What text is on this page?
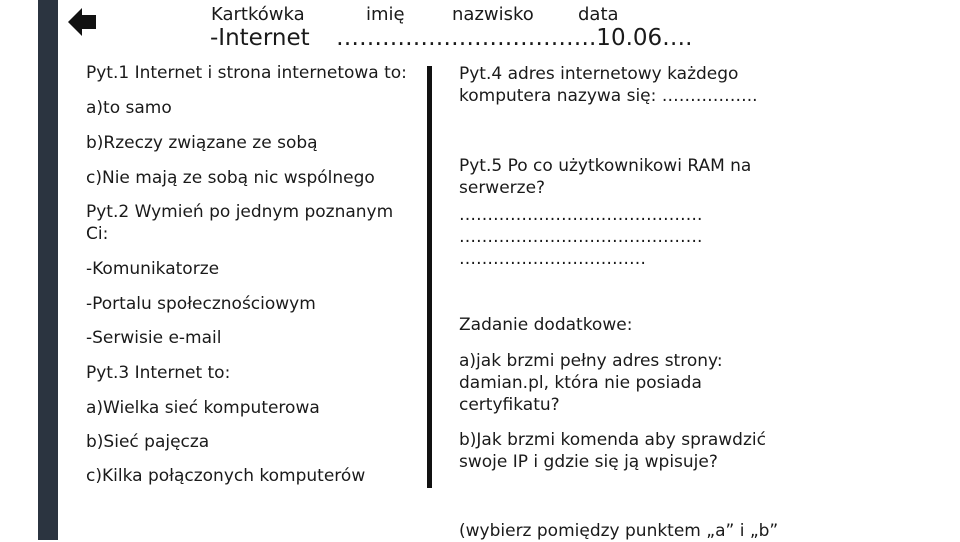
Kartkówka	imię	nazwisko data
-Internet …………………………….10.06….
Pyt.1 Internet i strona internetowa to:
a)to samo
b)Rzeczy związane ze sobą
c)Nie mają ze sobą nic wspólnego
Pyt.2 Wymień po jednym poznanym Ci:
-Komunikatorze
-Portalu społecznościowym
-Serwisie e-mail
Pyt.3 Internet to:
a)Wielka sieć komputerowa
b)Sieć pajęcza
c)Kilka połączonych komputerów
Pyt.4 adres internetowy każdego komputera nazywa się: ……………..
Pyt.5 Po co użytkownikowi RAM na serwerze?
…………………………………….
…………………………………….
……………………………
Zadanie dodatkowe:
a)jak brzmi pełny adres strony: damian.pl, która nie posiada certyfikatu?
b)Jak brzmi komenda aby sprawdzić swoje IP i gdzie się ją wpisuje?
(wybierz pomiędzy punktem „a” i „b”
